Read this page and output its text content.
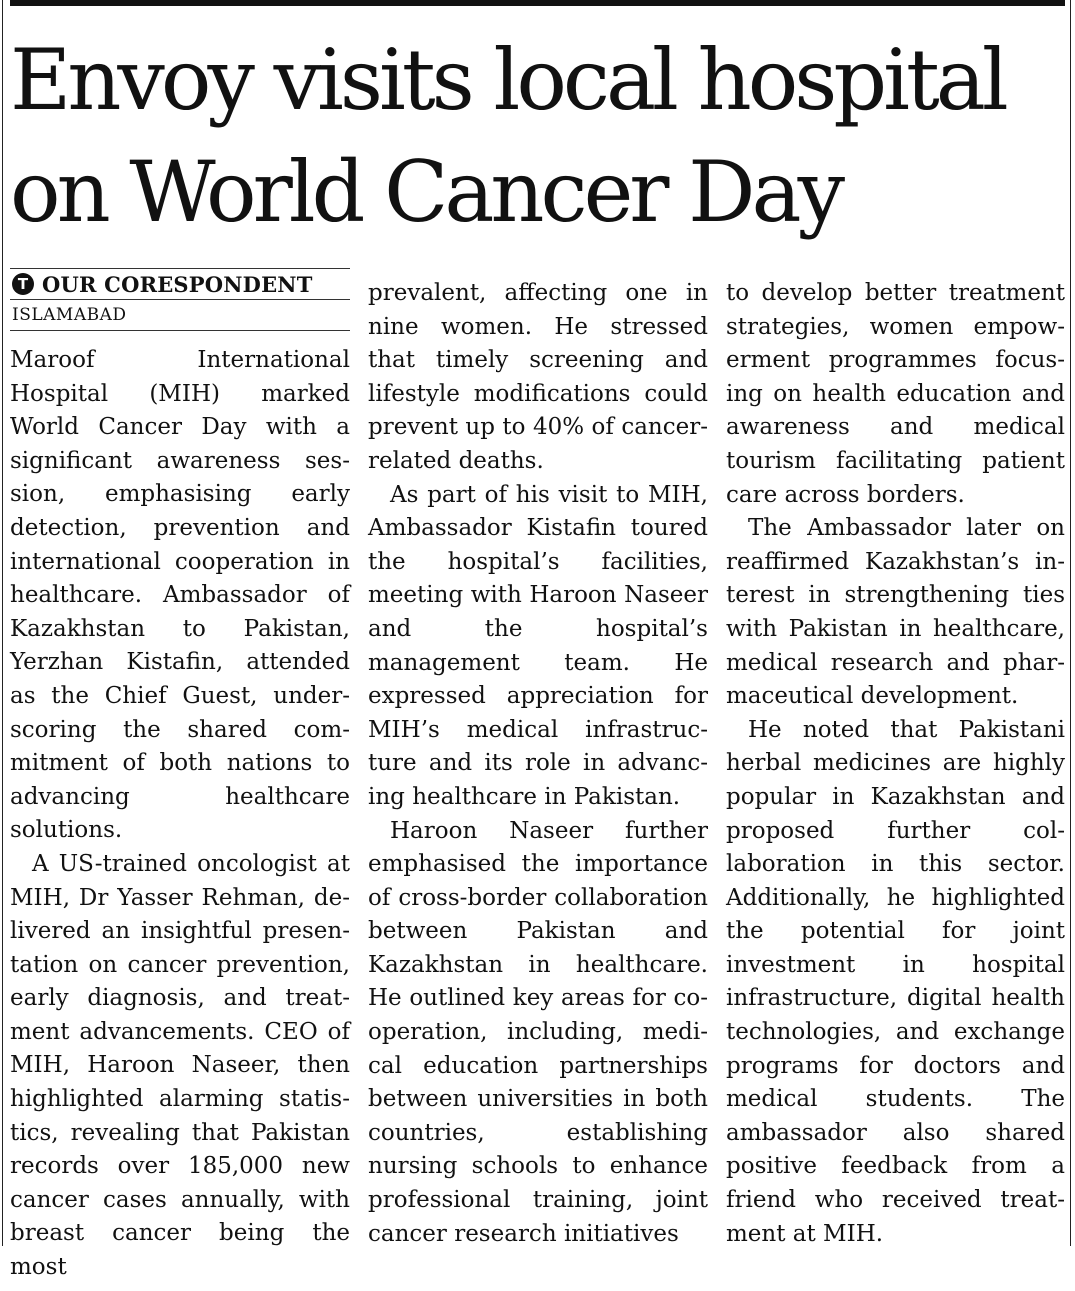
Envoy visits local hospital
on World Cancer Day
T OUR CORESPONDENT
ISLAMABAD

Maroof International Hospital (MIH) marked World Cancer Day with a significant awareness session, emphasising early detection, prevention and international cooperation in healthcare. Ambassador of Kazakhstan to Pakistan, Yerzhan Kistafin, attended as the Chief Guest, underscoring the shared commitment of both nations to advancing healthcare solutions.

A US-trained oncologist at MIH, Dr Yasser Rehman, delivered an insightful presentation on cancer prevention, early diagnosis, and treatment advancements. CEO of MIH, Haroon Naseer, then highlighted alarming statistics, revealing that Pakistan records over 185,000 new cancer cases annually, with breast cancer being the most

prevalent, affecting one in nine women. He stressed that timely screening and lifestyle modifications could prevent up to 40% of cancer-related deaths.

As part of his visit to MIH, Ambassador Kistafin toured the hospital’s facilities, meeting with Haroon Naseer and the hospital’s management team. He expressed appreciation for MIH’s medical infrastructure and its role in advancing healthcare in Pakistan.

Haroon Naseer further emphasised the importance of cross-border collaboration between Pakistan and Kazakhstan in healthcare. He outlined key areas for cooperation, including, medical education partnerships between universities in both countries, establishing nursing schools to enhance professional training, joint cancer research initiatives

to develop better treatment strategies, women empowerment programmes focusing on health education and awareness and medical tourism facilitating patient care across borders.

The Ambassador later on reaffirmed Kazakhstan’s interest in strengthening ties with Pakistan in healthcare, medical research and pharmaceutical development.

He noted that Pakistani herbal medicines are highly popular in Kazakhstan and proposed further collaboration in this sector. Additionally, he highlighted the potential for joint investment in hospital infrastructure, digital health technologies, and exchange programs for doctors and medical students. The ambassador also shared positive feedback from a friend who received treatment at MIH.
